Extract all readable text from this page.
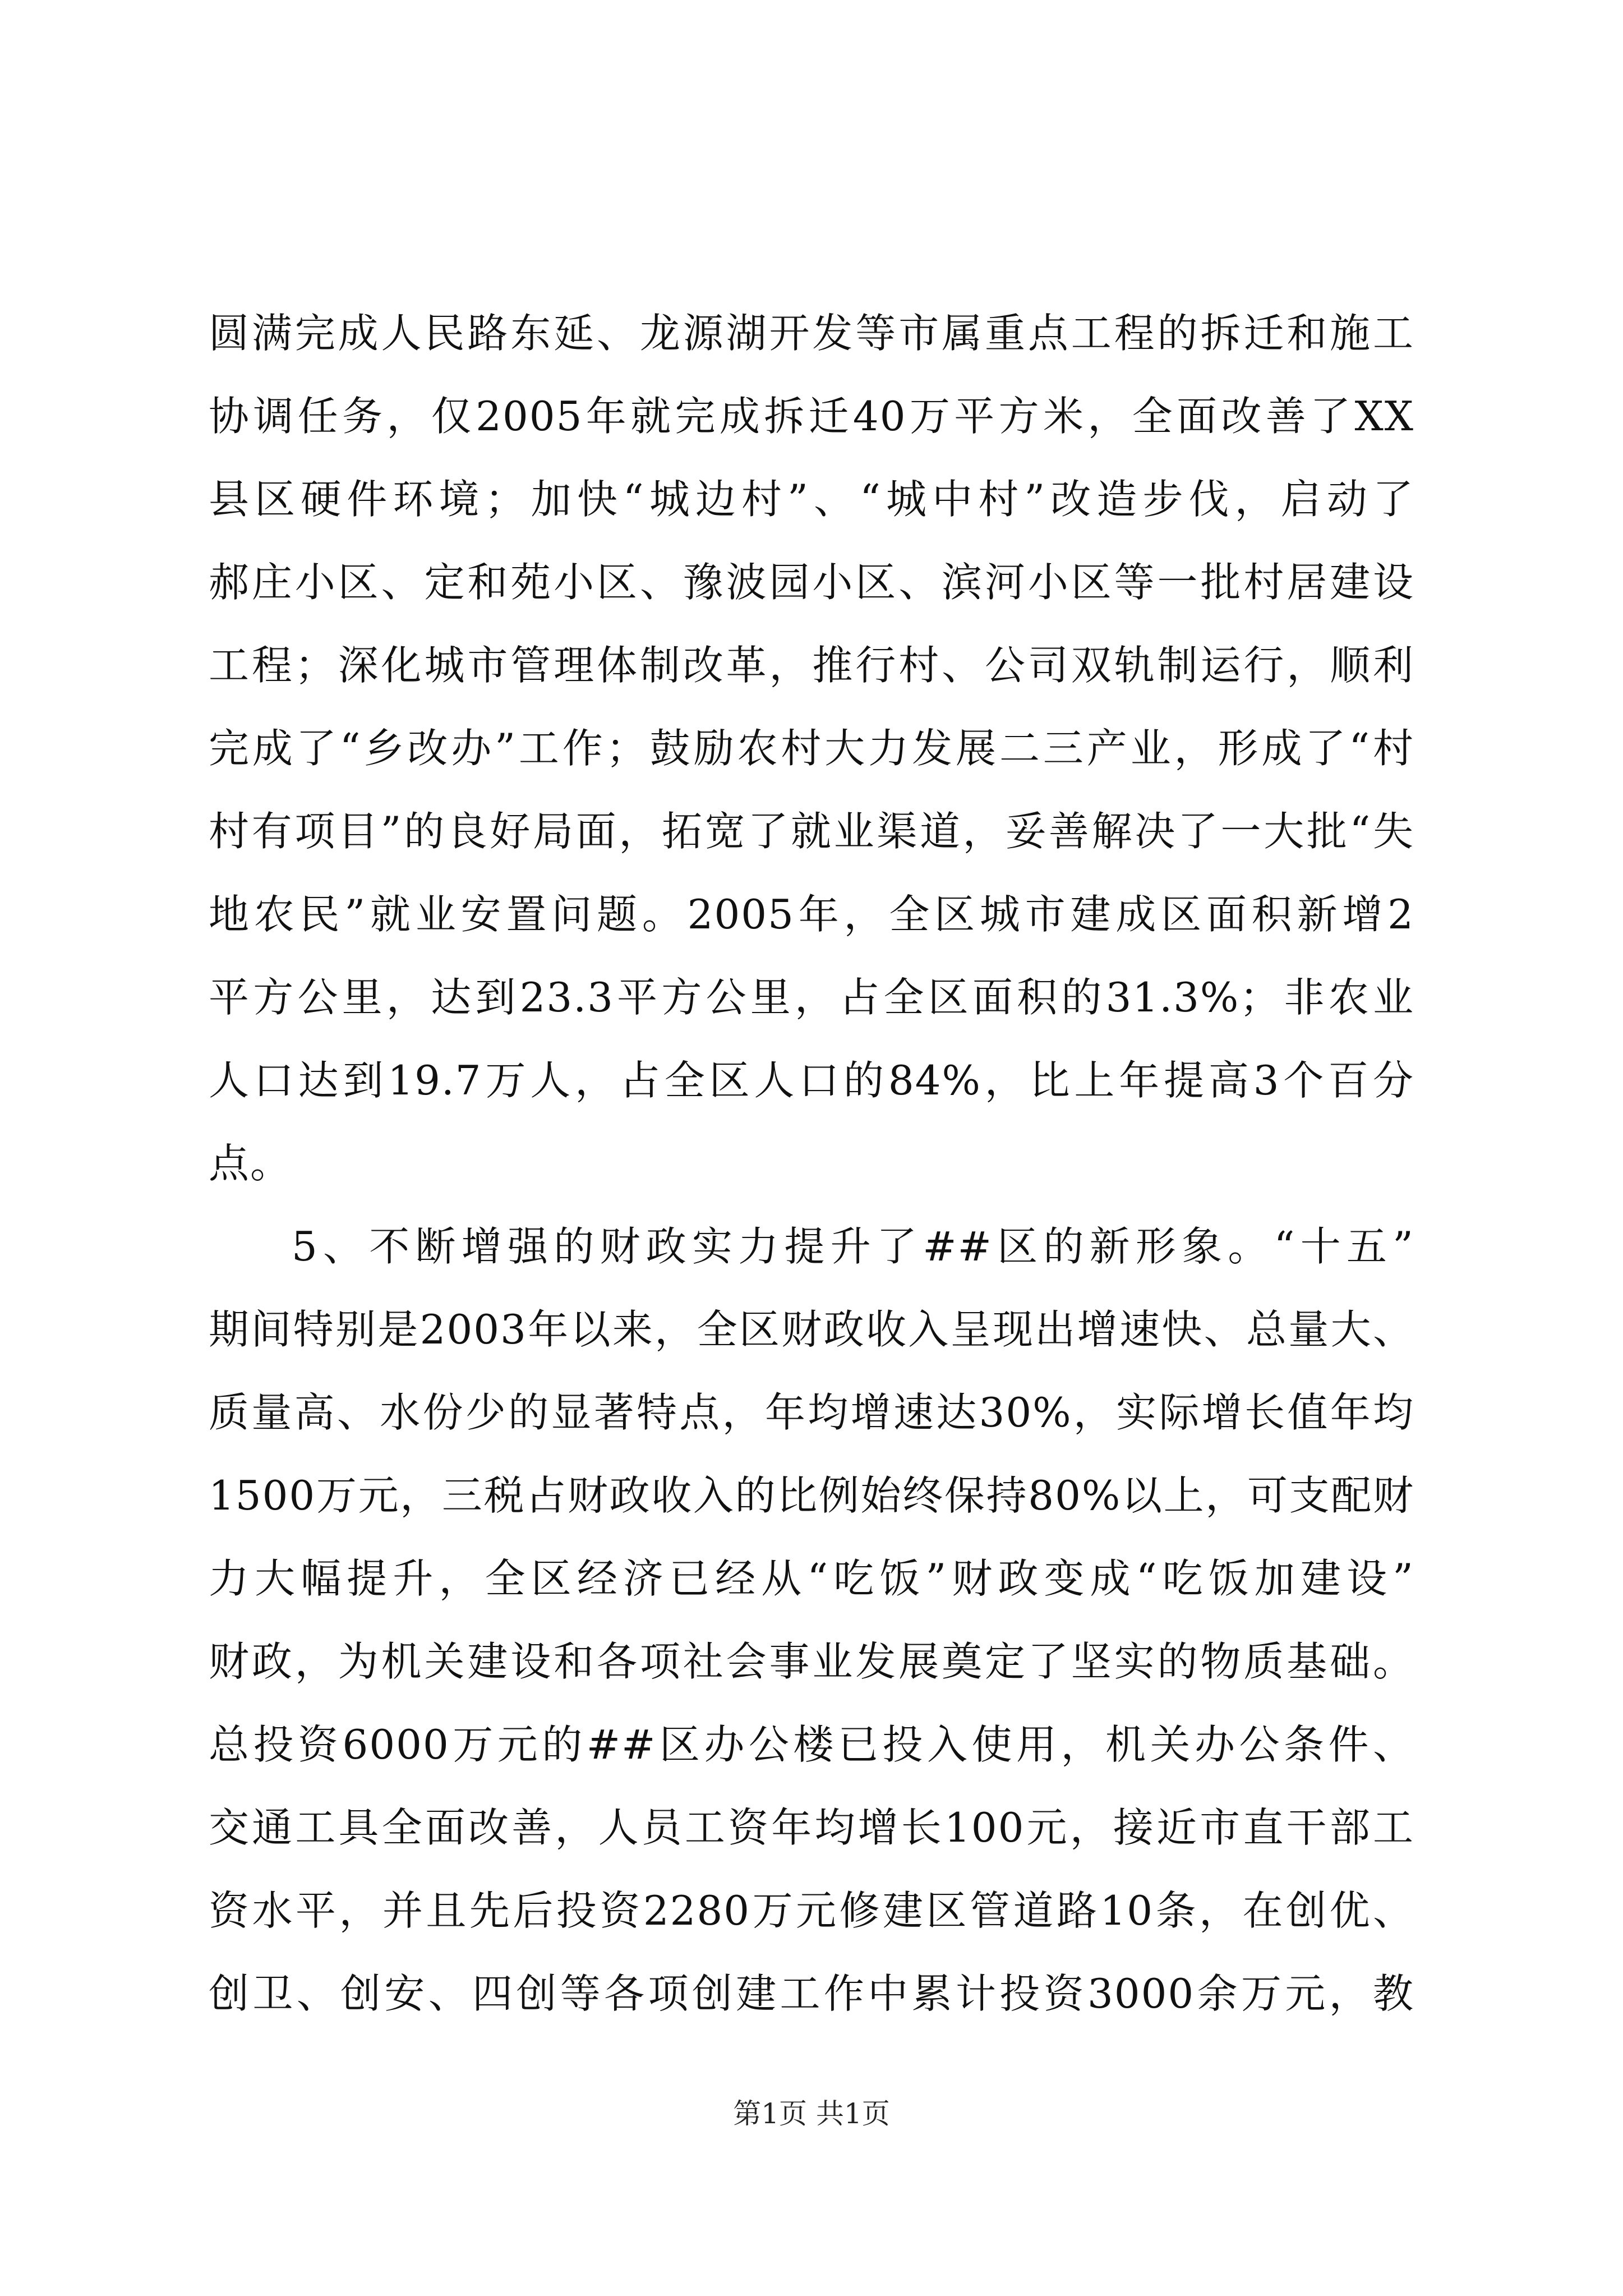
圆满完成人民路东延、龙源湖开发等市属重点工程的拆迁和施工
协调任务，仅2005年就完成拆迁40万平方米，全面改善了XX
县区硬件环境；加快“城边村”、“城中村”改造步伐，启动了
郝庄小区、定和苑小区、豫波园小区、滨河小区等一批村居建设
工程；深化城市管理体制改革，推行村、公司双轨制运行，顺利
完成了“乡改办”工作；鼓励农村大力发展二三产业，形成了“村
村有项目”的良好局面，拓宽了就业渠道，妥善解决了一大批“失
地农民”就业安置问题。2005年，全区城市建成区面积新增2
平方公里，达到23.3平方公里，占全区面积的31.3%；非农业
人口达到19.7万人，占全区人口的84%，比上年提高3个百分
点。
5、不断增强的财政实力提升了##区的新形象。“十五”
期间特别是2003年以来，全区财政收入呈现出增速快、总量大、
质量高、水份少的显著特点，年均增速达30%，实际增长值年均
1500万元，三税占财政收入的比例始终保持80%以上，可支配财
力大幅提升，全区经济已经从“吃饭”财政变成“吃饭加建设”
财政，为机关建设和各项社会事业发展奠定了坚实的物质基础。
总投资6000万元的##区办公楼已投入使用，机关办公条件、
交通工具全面改善，人员工资年均增长100元，接近市直干部工
资水平，并且先后投资2280万元修建区管道路10条，在创优、
创卫、创安、四创等各项创建工作中累计投资3000余万元，教
第1页 共1页
